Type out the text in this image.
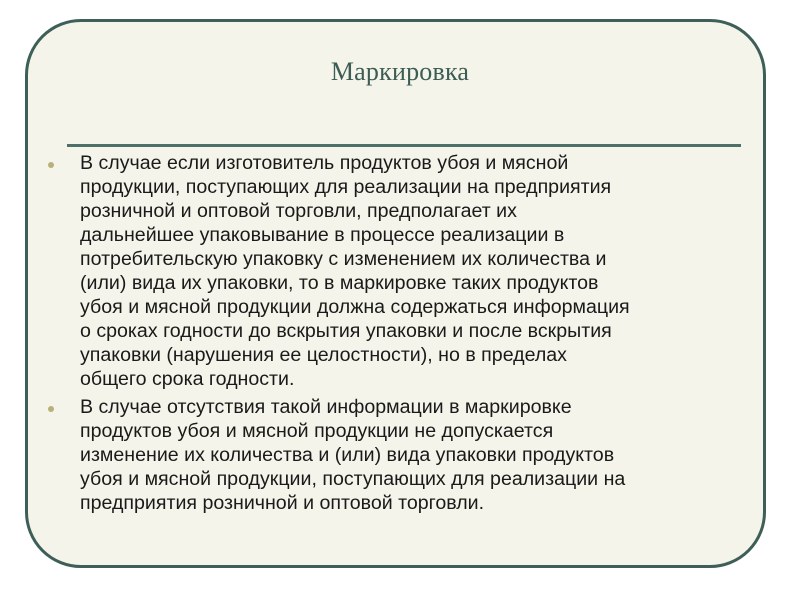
Маркировка
В случае если изготовитель продуктов убоя и мясной
продукции, поступающих для реализации на предприятия
розничной и оптовой торговли, предполагает их
дальнейшее упаковывание в процессе реализации в
потребительскую упаковку с изменением их количества и
(или) вида их упаковки, то в маркировке таких продуктов
убоя и мясной продукции должна содержаться информация
о сроках годности до вскрытия упаковки и после вскрытия
упаковки (нарушения ее целостности), но в пределах
общего срока годности.
В случае отсутствия такой информации в маркировке
продуктов убоя и мясной продукции не допускается
изменение их количества и (или) вида упаковки продуктов
убоя и мясной продукции, поступающих для реализации на
предприятия розничной и оптовой торговли.
